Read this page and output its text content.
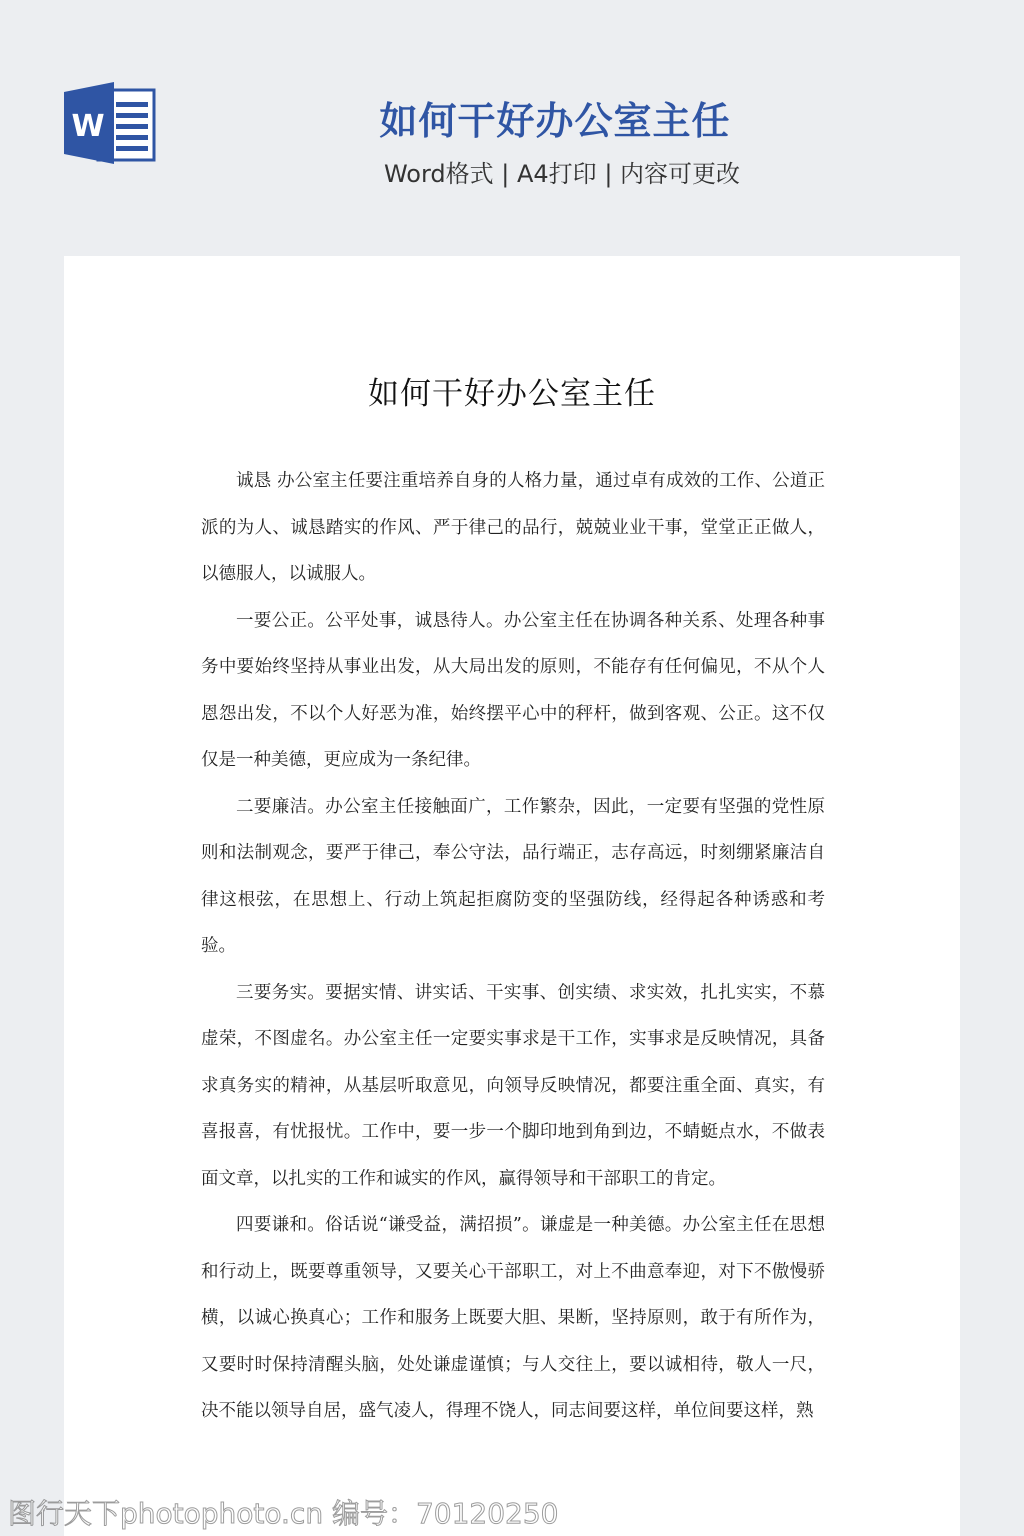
W	如何干好办公室主任
Word格式 | A4打印 | 内容可更改
如何干好办公室主任

诚恳 办公室主任要注重培养自身的人格力量，通过卓有成效的工作、公道正派的为人、诚恳踏实的作风、严于律己的品行，兢兢业业干事，堂堂正正做人，以德服人，以诚服人。

一要公正。公平处事，诚恳待人。办公室主任在协调各种关系、处理各种事务中要始终坚持从事业出发，从大局出发的原则，不能存有任何偏见，不从个人恩怨出发，不以个人好恶为准，始终摆平心中的秤杆，做到客观、公正。这不仅仅是一种美德，更应成为一条纪律。

二要廉洁。办公室主任接触面广，工作繁杂，因此，一定要有坚强的党性原则和法制观念，要严于律己，奉公守法，品行端正，志存高远，时刻绷紧廉洁自律这根弦，在思想上、行动上筑起拒腐防变的坚强防线，经得起各种诱惑和考验。

三要务实。要据实情、讲实话、干实事、创实绩、求实效，扎扎实实，不慕虚荣，不图虚名。办公室主任一定要实事求是干工作，实事求是反映情况，具备求真务实的精神，从基层听取意见，向领导反映情况，都要注重全面、真实，有喜报喜，有忧报忧。工作中，要一步一个脚印地到角到边，不蜻蜓点水，不做表面文章，以扎实的工作和诚实的作风，赢得领导和干部职工的肯定。

四要谦和。俗话说“谦受益，满招损”。谦虚是一种美德。办公室主任在思想和行动上，既要尊重领导，又要关心干部职工，对上不曲意奉迎，对下不傲慢骄横，以诚心换真心；工作和服务上既要大胆、果断，坚持原则，敢于有所作为，又要时时保持清醒头脑，处处谦虚谨慎；与人交往上，要以诚相待，敬人一尺，决不能以领导自居，盛气凌人，得理不饶人，同志间要这样，单位间要这样，熟

图行天下photophoto.cn 编号：70120250
